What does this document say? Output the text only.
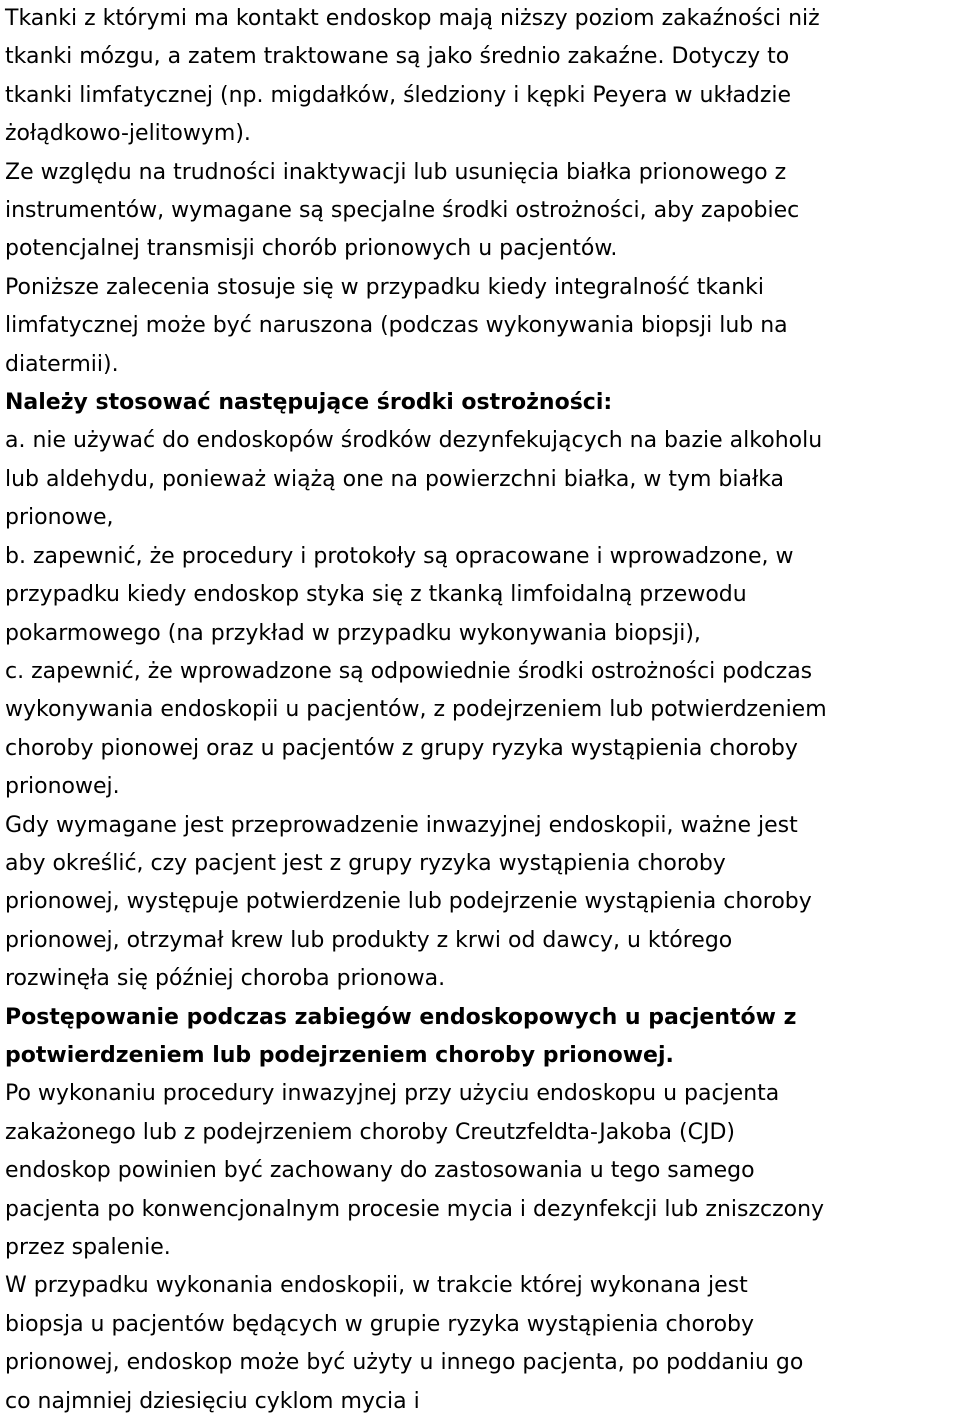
Tkanki z którymi ma kontakt endoskop mają niższy poziom zakaźności niż
tkanki mózgu, a zatem traktowane są jako średnio zakaźne. Dotyczy to
tkanki limfatycznej (np. migdałków, śledziony i kępki Peyera w układzie
żołądkowo-jelitowym).

Ze względu na trudności inaktywacji lub usunięcia białka prionowego z
instrumentów, wymagane są specjalne środki ostrożności, aby zapobiec
potencjalnej transmisji chorób prionowych u pacjentów.

Poniższe zalecenia stosuje się w przypadku kiedy integralność tkanki
limfatycznej może być naruszona (podczas wykonywania biopsji lub na
diatermii).

Należy stosować następujące środki ostrożności:

a. nie używać do endoskopów środków dezynfekujących na bazie alkoholu
lub aldehydu, ponieważ wiążą one na powierzchni białka, w tym białka
prionowe,

b. zapewnić, że procedury i protokoły są opracowane i wprowadzone, w
przypadku kiedy endoskop styka się z tkanką limfoidalną przewodu
pokarmowego (na przykład w przypadku wykonywania biopsji),

c. zapewnić, że wprowadzone są odpowiednie środki ostrożności podczas
wykonywania endoskopii u pacjentów, z podejrzeniem lub potwierdzeniem
choroby pionowej oraz u pacjentów z grupy ryzyka wystąpienia choroby
prionowej.

Gdy wymagane jest przeprowadzenie inwazyjnej endoskopii, ważne jest
aby określić, czy pacjent jest z grupy ryzyka wystąpienia choroby
prionowej, występuje potwierdzenie lub podejrzenie wystąpienia choroby
prionowej, otrzymał krew lub produkty z krwi od dawcy, u którego
rozwinęła się później choroba prionowa.

Postępowanie podczas zabiegów endoskopowych u pacjentów z
potwierdzeniem lub podejrzeniem choroby prionowej.

Po wykonaniu procedury inwazyjnej przy użyciu endoskopu u pacjenta
zakażonego lub z podejrzeniem choroby Creutzfeldta-Jakoba (CJD)
endoskop powinien być zachowany do zastosowania u tego samego
pacjenta po konwencjonalnym procesie mycia i dezynfekcji lub zniszczony
przez spalenie.

W przypadku wykonania endoskopii, w trakcie której wykonana jest
biopsja u pacjentów będących w grupie ryzyka wystąpienia choroby
prionowej, endoskop może być użyty u innego pacjenta, po poddaniu go
co najmniej dziesięciu cyklom mycia i
